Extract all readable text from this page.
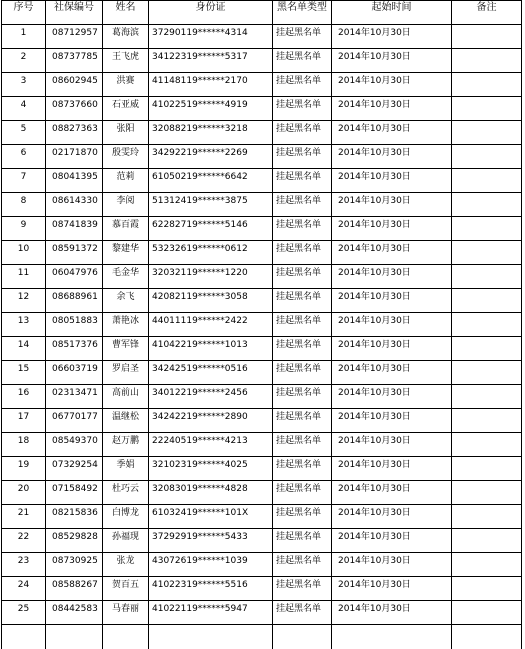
序号	社保编号	姓名	身份证	黑名单类型	起始时间	备注
1	08712957	葛海滨	37290119******4314	挂起黑名单	2014年10月30日	
2	08737785	王飞虎	34122319******5317	挂起黑名单	2014年10月30日	
3	08602945	洪赛	41148119******2170	挂起黑名单	2014年10月30日	
4	08737660	石亚威	41022519******4919	挂起黑名单	2014年10月30日	
5	08827363	张阳	32088219******3218	挂起黑名单	2014年10月30日	
6	02171870	殷雯玲	34292219******2269	挂起黑名单	2014年10月30日	
7	08041395	范莉	61050219******6642	挂起黑名单	2014年10月30日	
8	08614330	李阅	51312419******3875	挂起黑名单	2014年10月30日	
9	08741839	慕百霞	62282719******5146	挂起黑名单	2014年10月30日	
10	08591372	黎建华	53232619******0612	挂起黑名单	2014年10月30日	
11	06047976	毛金华	32032119******1220	挂起黑名单	2014年10月30日	
12	08688961	余飞	42082119******3058	挂起黑名单	2014年10月30日	
13	08051883	萧艳冰	44011119******2422	挂起黑名单	2014年10月30日	
14	08517376	曹军锋	41042219******1013	挂起黑名单	2014年10月30日	
15	06603719	罗启圣	34242519******0516	挂起黑名单	2014年10月30日	
16	02313471	高前山	34012219******2456	挂起黑名单	2014年10月30日	
17	06770177	温继松	34242219******2890	挂起黑名单	2014年10月30日	
18	08549370	赵万鹏	22240519******4213	挂起黑名单	2014年10月30日	
19	07329254	季娟	32102319******4025	挂起黑名单	2014年10月30日	
20	07158492	杜巧云	32083019******4828	挂起黑名单	2014年10月30日	
21	08215836	白博龙	61032419******101X	挂起黑名单	2014年10月30日	
22	08529828	孙福现	37292919******5433	挂起黑名单	2014年10月30日	
23	08730925	张龙	43072619******1039	挂起黑名单	2014年10月30日	
24	08588267	贺百五	41022319******5516	挂起黑名单	2014年10月30日	
25	08442583	马春丽	41022119******5947	挂起黑名单	2014年10月30日	
